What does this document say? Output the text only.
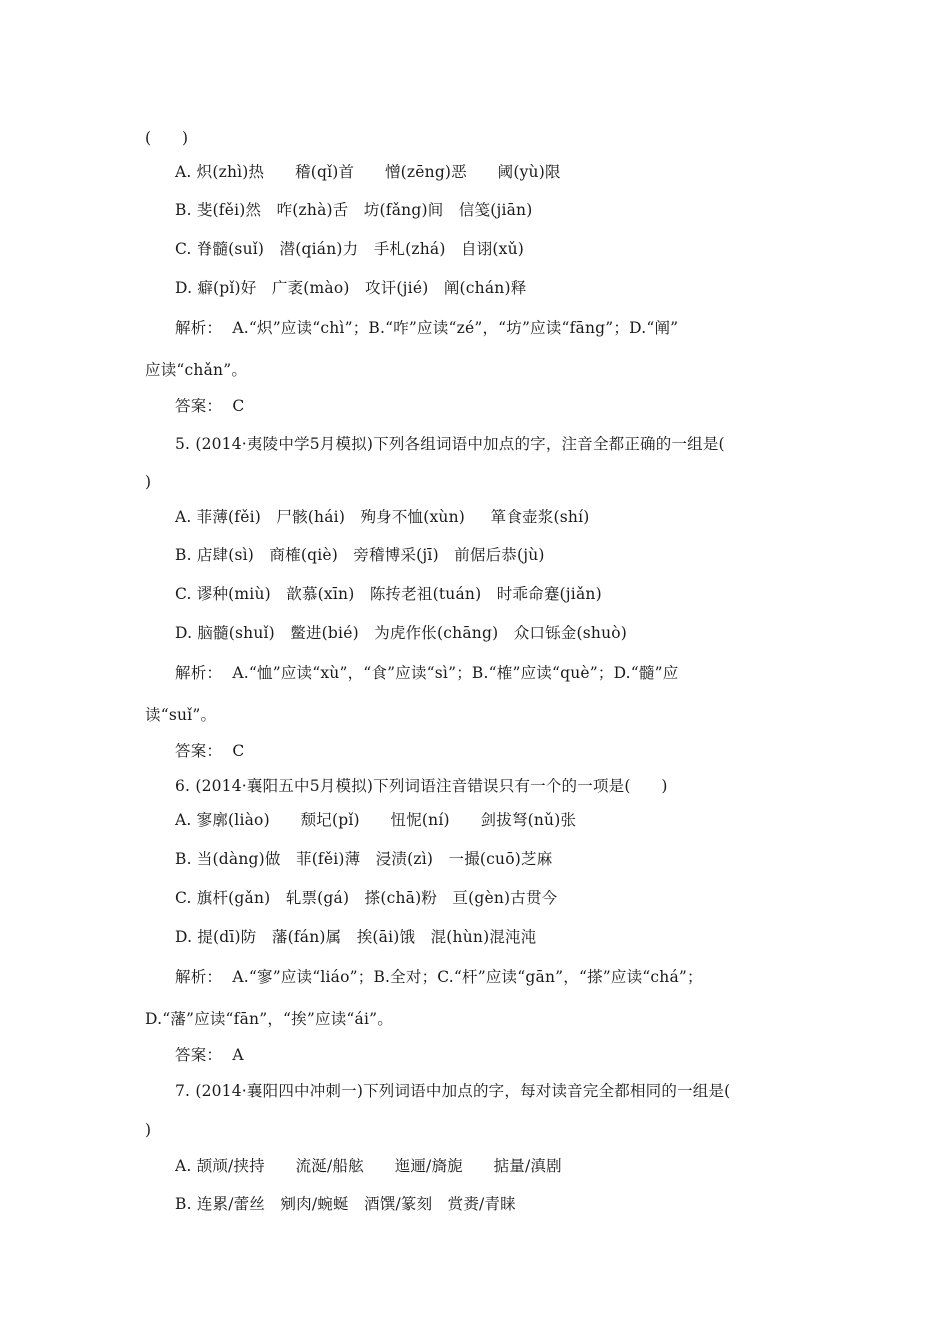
(      )
A. 炽(zhì)热      稽(qǐ)首      憎(zēng)恶      阈(yù)限
B. 斐(fěi)然   咋(zhà)舌   坊(fǎng)间   信笺(jiān)
C. 脊髓(suǐ)   潜(qián)力   手札(zhá)   自诩(xǔ)
D. 癖(pǐ)好   广袤(mào)   攻讦(jié)   阐(chán)释
解析：  A.“炽”应读“chì”；B.“咋”应读“zé”，“坊”应读“fāng”；D.“阐”
应读“chǎn”。
答案：  C
5. (2014·夷陵中学5月模拟)下列各组词语中加点的字，注音全都正确的一组是(
)
A. 菲薄(fěi)   尸骸(hái)   殉身不恤(xùn)     箪食壶浆(shí)
B. 店肆(sì)   商榷(qiè)   旁稽博采(jī)   前倨后恭(jù)
C. 谬种(miù)   歆慕(xīn)   陈抟老祖(tuán)   时乖命蹇(jiǎn)
D. 脑髓(shuǐ)   鳖进(bié)   为虎作伥(chāng)   众口铄金(shuò)
解析：  A.“恤”应读“xù”，“食”应读“sì”；B.“榷”应读“què”；D.“髓”应
读“suǐ”。
答案：  C
6. (2014·襄阳五中5月模拟)下列词语注音错误只有一个的一项是(      )
A. 寥廓(liào)      颓圮(pǐ)      忸怩(ní)      剑拔弩(nǔ)张
B. 当(dàng)做   菲(fěi)薄   浸渍(zì)   一撮(cuō)芝麻
C. 旗杆(gǎn)   轧票(gá)   搽(chā)粉   亘(gèn)古贯今
D. 提(dī)防   藩(fán)属   挨(āi)饿   混(hùn)混沌沌
解析：  A.“寥”应读“liáo”；B.全对；C.“杆”应读“gān”，“搽”应读“chá”；
D.“藩”应读“fān”，“挨”应读“ái”。
答案：  A
7. (2014·襄阳四中冲刺一)下列词语中加点的字，每对读音完全都相同的一组是(
)
A. 颉颃/挟持      流涎/船舷      迤逦/旖旎      掂量/滇剧
B. 连累/蕾丝   剜肉/蜿蜒   酒馔/篆刻   赏赉/青睐
